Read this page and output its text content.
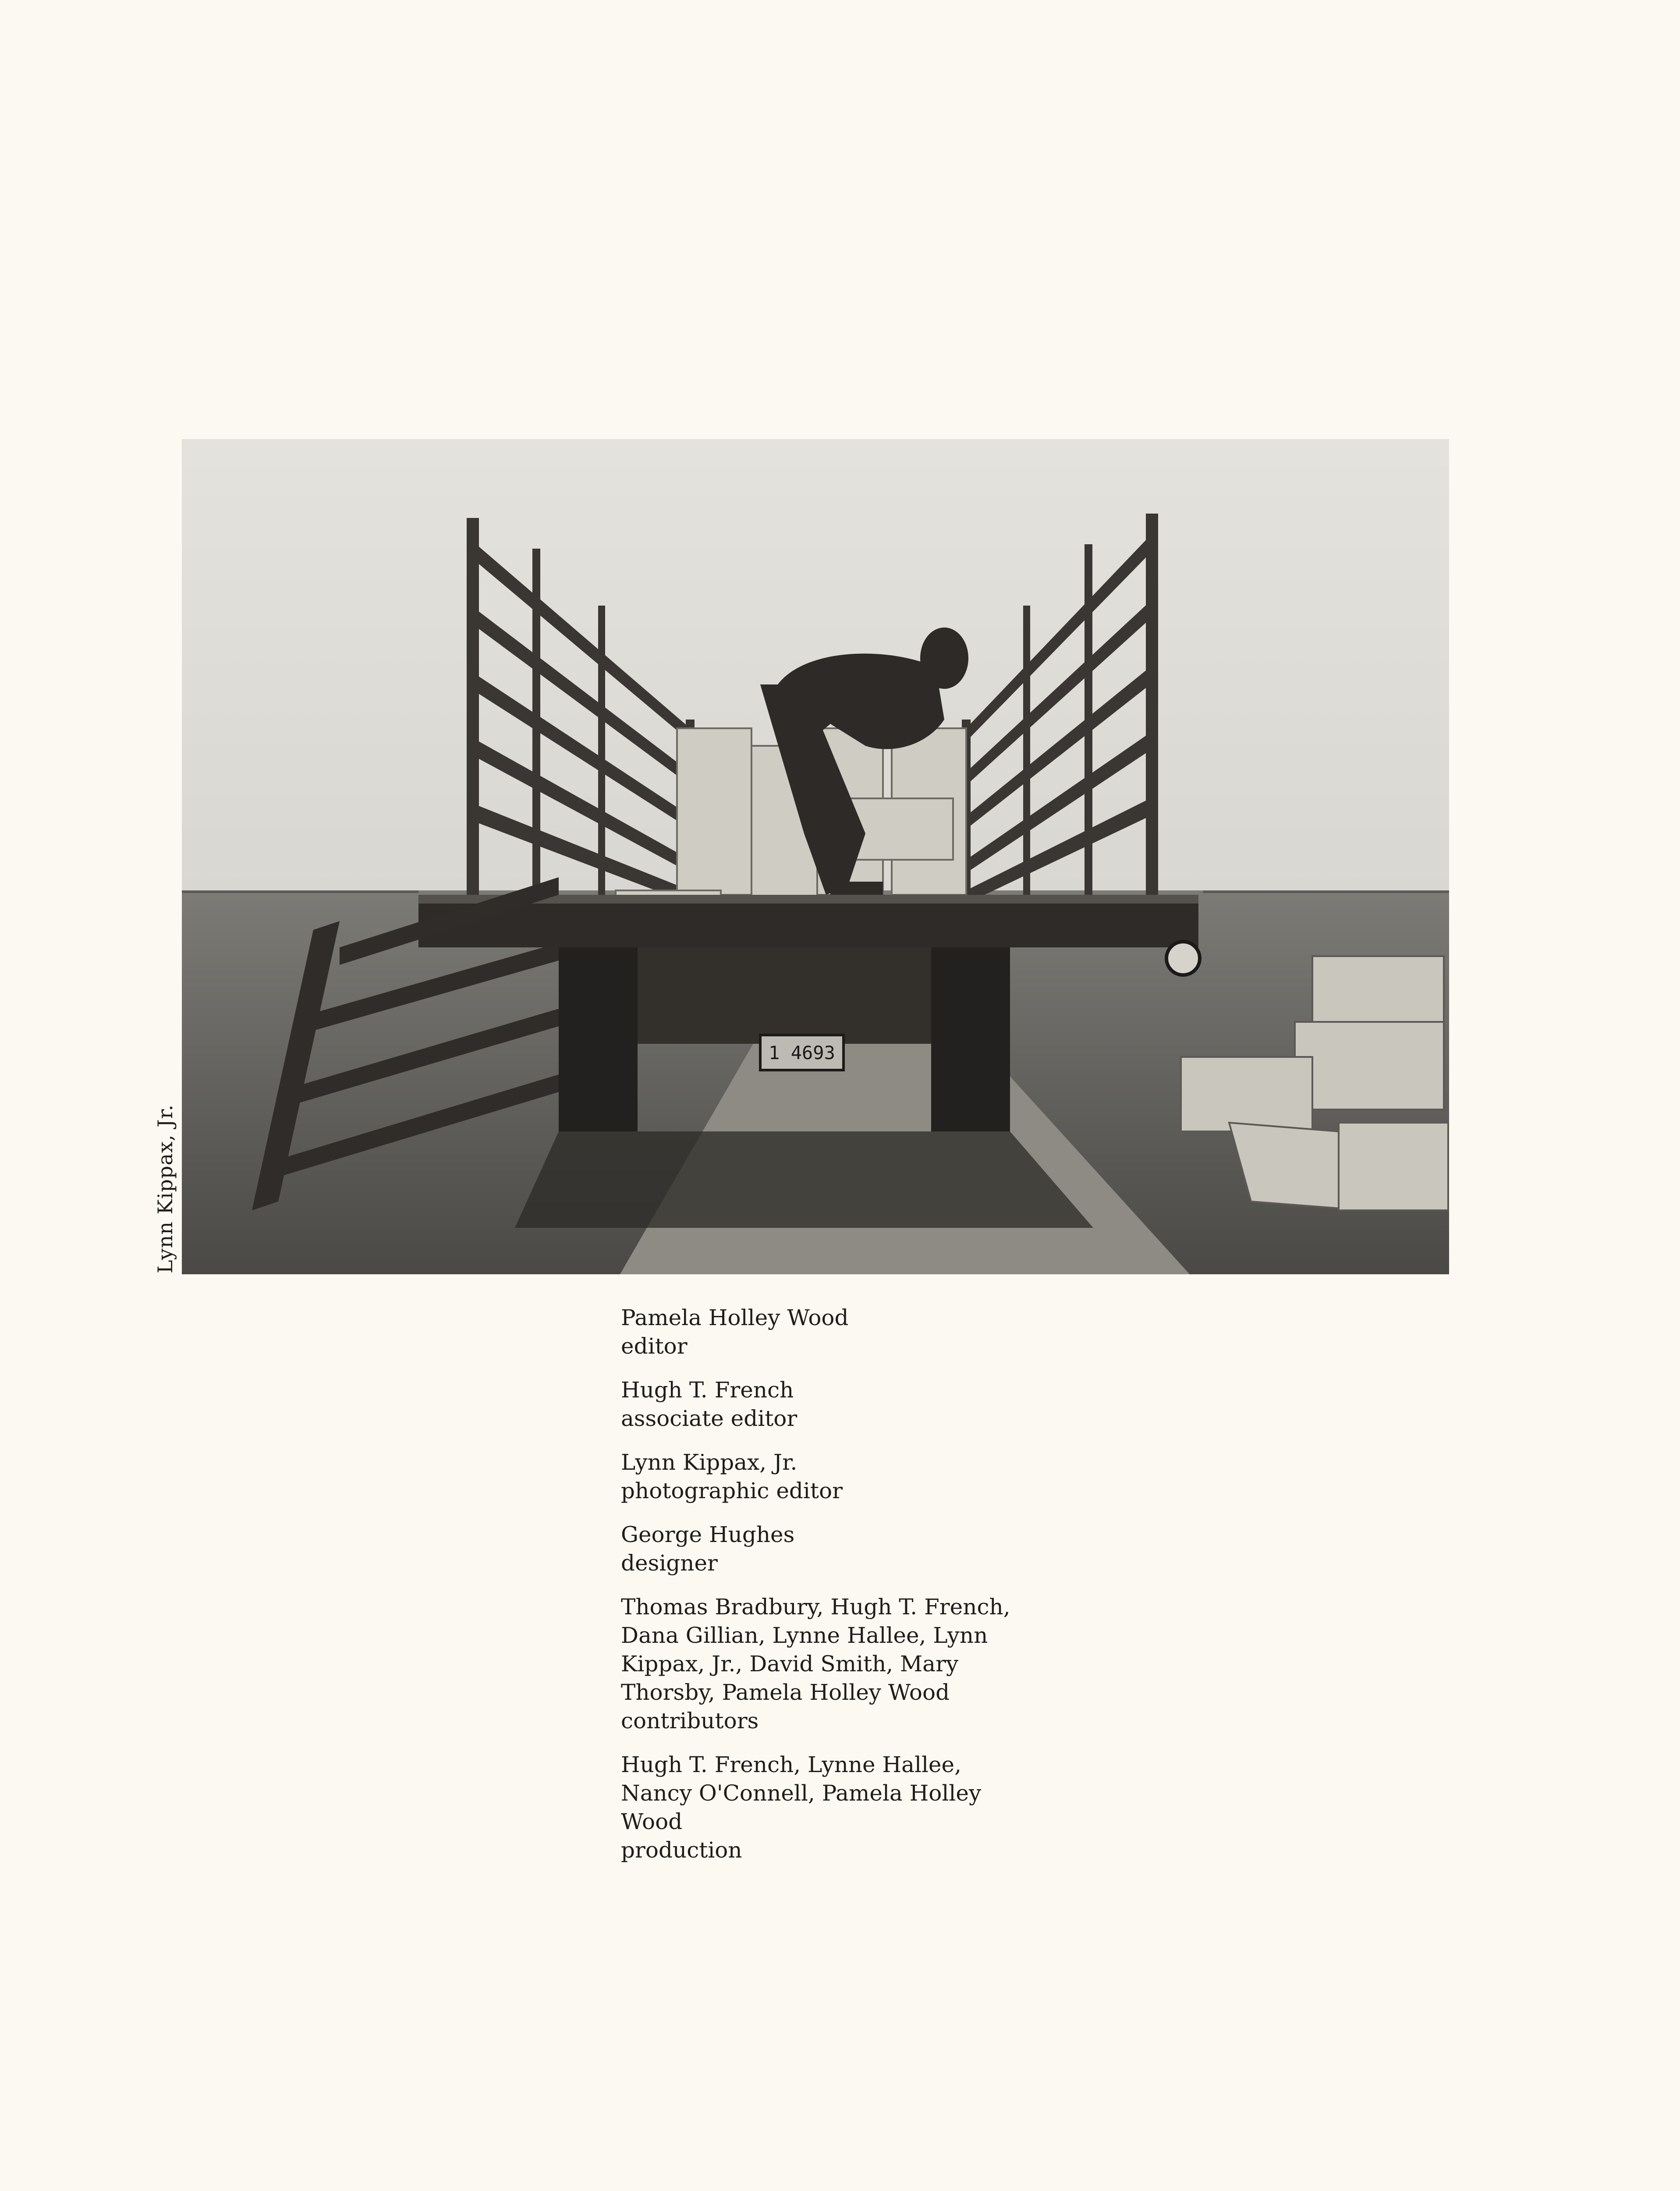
1 4693
Lynn Kippax, Jr.
Pamela Holley Wood
editor
Hugh T. French
associate editor
Lynn Kippax, Jr.
photographic editor
George Hughes
designer
Thomas Bradbury, Hugh T. French,
Dana Gillian, Lynne Hallee, Lynn
Kippax, Jr., David Smith, Mary
Thorsby, Pamela Holley Wood
contributors
Hugh T. French, Lynne Hallee,
Nancy O'Connell, Pamela Holley
Wood
production
